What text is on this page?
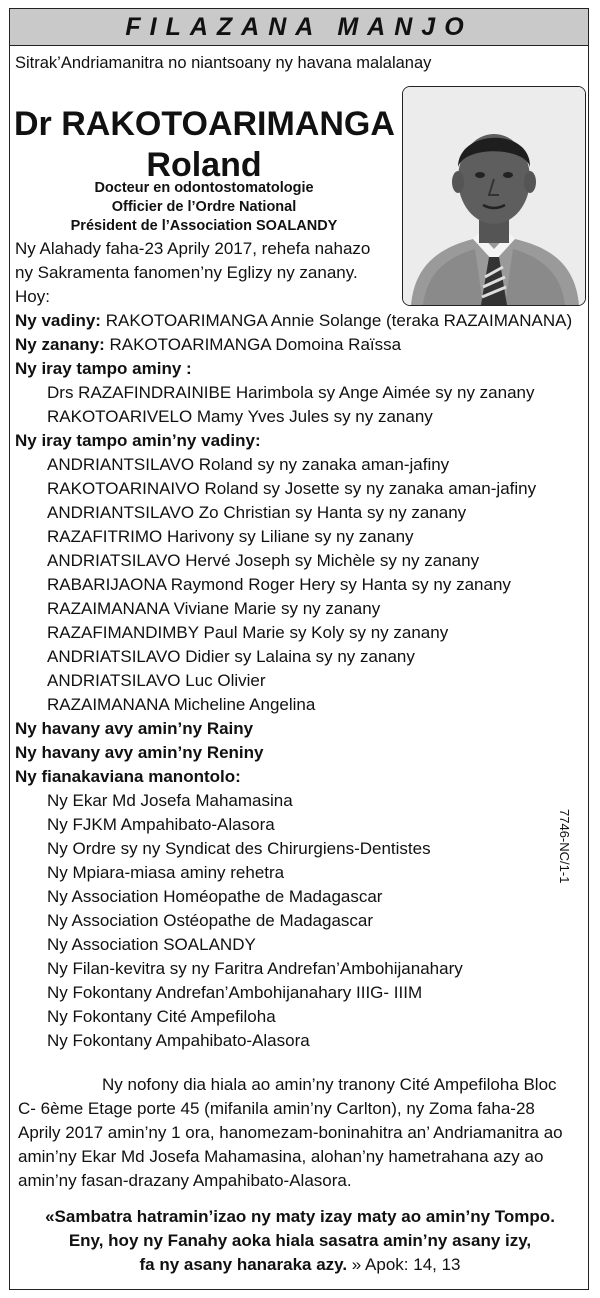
FILAZANA MANJO
Sitrak’Andriamanitra no niantsoany ny havana malalanay
Dr RAKOTOARIMANGA
Roland
Docteur en odontostomatologie
Officier de l’Ordre National
Président de l’Association SOALANDY
Ny Alahady faha-23 Aprily 2017, rehefa nahazo
ny Sakramenta fanomen’ny Eglizy ny zanany.
Hoy:
Ny vadiny: RAKOTOARIMANGA Annie Solange (teraka RAZAIMANANA)
Ny zanany: RAKOTOARIMANGA Domoina Raïssa
Ny iray tampo aminy :
Drs RAZAFINDRAINIBE Harimbola sy Ange Aimée sy ny zanany
RAKOTOARIVELO Mamy Yves Jules sy ny zanany
Ny iray tampo amin’ny vadiny:
ANDRIANTSILAVO Roland sy ny zanaka aman-jafiny
RAKOTOARINAIVO Roland sy Josette sy ny zanaka aman-jafiny
ANDRIANTSILAVO Zo Christian sy Hanta sy ny zanany
RAZAFITRIMO Harivony sy Liliane sy ny zanany
ANDRIATSILAVO Hervé Joseph sy Michèle sy ny zanany
RABARIJAONA Raymond Roger Hery sy Hanta sy ny zanany
RAZAIMANANA Viviane Marie sy ny zanany
RAZAFIMANDIMBY Paul Marie sy Koly sy ny zanany
ANDRIATSILAVO Didier sy Lalaina sy ny zanany
ANDRIATSILAVO Luc Olivier
RAZAIMANANA Micheline Angelina
Ny havany avy amin’ny Rainy
Ny havany avy amin’ny Reniny
Ny fianakaviana manontolo:
Ny Ekar Md Josefa Mahamasina
Ny FJKM Ampahibato-Alasora
Ny Ordre sy ny Syndicat des Chirurgiens-Dentistes
Ny Mpiara-miasa aminy rehetra
Ny Association Homéopathe de Madagascar
Ny Association Ostéopathe de Madagascar
Ny Association SOALANDY
Ny Filan-kevitra sy ny Faritra Andrefan’Ambohijanahary
Ny Fokontany Andrefan’Ambohijanahary IIIG- IIIM
Ny Fokontany Cité Ampefiloha
Ny Fokontany Ampahibato-Alasora
7746-NC/1-1
Ny nofony dia hiala ao amin’ny tranony Cité Ampefiloha Bloc
C- 6ème Etage porte 45 (mifanila amin’ny Carlton), ny Zoma faha-28
Aprily 2017 amin’ny 1 ora, hanomezam-boninahitra an’ Andriamanitra ao
amin’ny Ekar Md Josefa Mahamasina, alohan’ny hametrahana azy ao
amin’ny fasan-drazany Ampahibato-Alasora.
«Sambatra hatramin’izao ny maty izay maty ao amin’ny Tompo.
Eny, hoy ny Fanahy aoka hiala sasatra amin’ny asany izy,
fa ny asany hanaraka azy. » Apok: 14, 13
